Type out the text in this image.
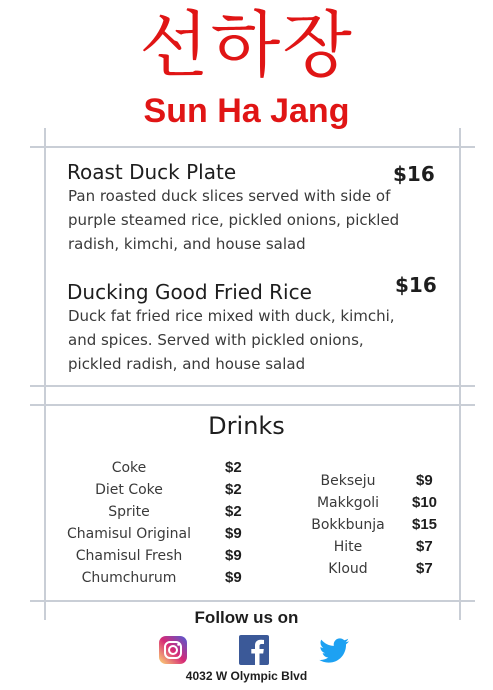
선하장
Sun Ha Jang
Roast Duck Plate	$16
Pan roasted duck slices served with side of
purple steamed rice, pickled onions, pickled
radish, kimchi, and house salad
Ducking Good Fried Rice	$16
Duck fat fried rice mixed with duck, kimchi,
and spices. Served with pickled onions,
pickled radish, and house salad
Drinks
Coke	$2
Diet Coke	$2
Sprite	$2
Chamisul Original	$9
Chamisul Fresh	$9
Chumchurum	$9
Bekseju	$9
Makkgoli	$10
Bokkbunja	$15
Hite	$7
Kloud	$7
Follow us on
4032 W Olympic Blvd
